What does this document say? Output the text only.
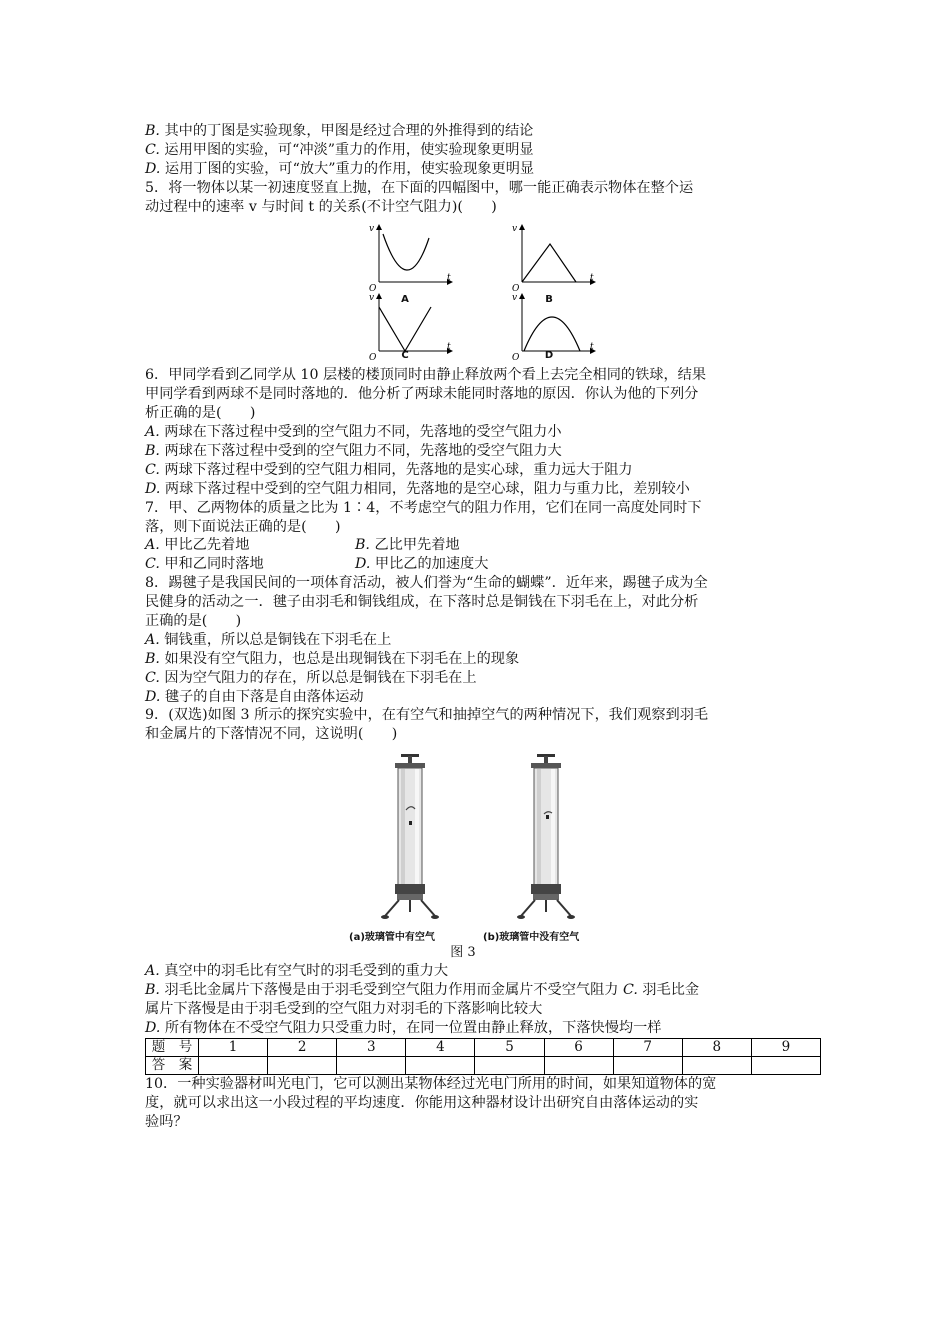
B. 其中的丁图是实验现象，甲图是经过合理的外推得到的结论
C. 运用甲图的实验，可“冲淡”重力的作用，使实验现象更明显
D. 运用丁图的实验，可“放大”重力的作用，使实验现象更明显
5．将一物体以某一初速度竖直上抛，在下面的四幅图中，哪一能正确表示物体在整个运
动过程中的速率 v 与时间 t 的关系(不计空气阻力)(　　)
v
O
t
A
v
O
t
B
v
O
t
C
v
O
t
D
6．甲同学看到乙同学从 10 层楼的楼顶同时由静止释放两个看上去完全相同的铁球，结果
甲同学看到两球不是同时落地的．他分析了两球未能同时落地的原因．你认为他的下列分
析正确的是(　　)
A. 两球在下落过程中受到的空气阻力不同，先落地的受空气阻力小
B. 两球在下落过程中受到的空气阻力不同，先落地的受空气阻力大
C. 两球下落过程中受到的空气阻力相同，先落地的是实心球，重力远大于阻力
D. 两球下落过程中受到的空气阻力相同，先落地的是空心球，阻力与重力比，差别较小
7．甲、乙两物体的质量之比为 1∶4，不考虑空气的阻力作用，它们在同一高度处同时下
落，则下面说法正确的是(　　)
A. 甲比乙先着地	B. 乙比甲先着地
C. 甲和乙同时落地	D. 甲比乙的加速度大
8．踢毽子是我国民间的一项体育活动，被人们誉为“生命的蝴蝶”．近年来，踢毽子成为全
民健身的活动之一．毽子由羽毛和铜钱组成，在下落时总是铜钱在下羽毛在上，对此分析
正确的是(　　)
A. 铜钱重，所以总是铜钱在下羽毛在上
B. 如果没有空气阻力，也总是出现铜钱在下羽毛在上的现象
C. 因为空气阻力的存在，所以总是铜钱在下羽毛在上
D. 毽子的自由下落是自由落体运动
9．(双选)如图 3 所示的探究实验中，在有空气和抽掉空气的两种情况下，我们观察到羽毛
和金属片的下落情况不同，这说明(　　)
(a)玻璃管中有空气	(b)玻璃管中没有空气
图 3
A. 真空中的羽毛比有空气时的羽毛受到的重力大
B. 羽毛比金属片下落慢是由于羽毛受到空气阻力作用而金属片不受空气阻力 C. 羽毛比金
属片下落慢是由于羽毛受到的空气阻力对羽毛的下落影响比较大
D. 所有物体在不受空气阻力只受重力时，在同一位置由静止释放，下落快慢均一样
题　号	1	2	3	4	5	6	7	8	9
答　案									
10．一种实验器材叫光电门，它可以测出某物体经过光电门所用的时间，如果知道物体的宽
度，就可以求出这一小段过程的平均速度．你能用这种器材设计出研究自由落体运动的实
验吗？
